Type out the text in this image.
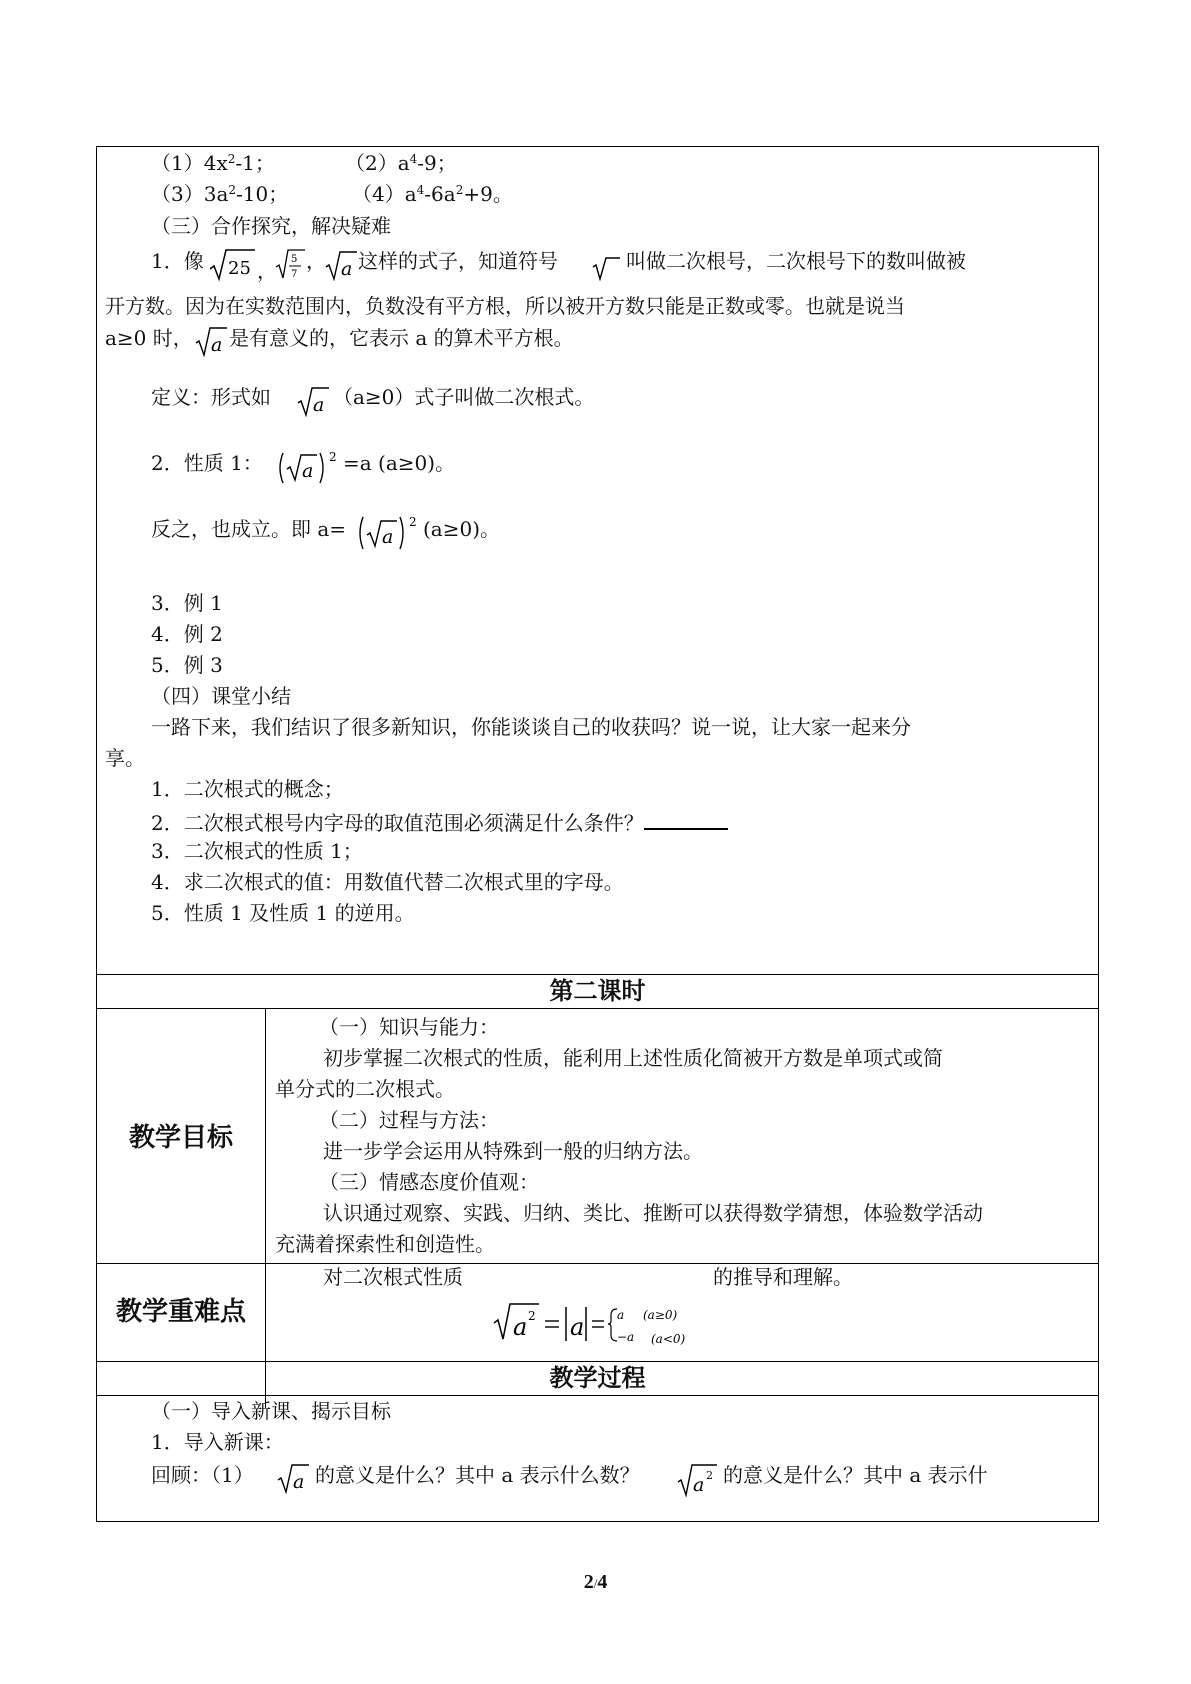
$(1)4x^2-1$；	$(2)a^4-9$；
$(3)3a^2-10$；	$(4)a^4-6a^2+9$。
（三）合作探究，解决疑难
1．像 25 ， 5
7
， a 这样的式子，知道符号	叫做二次根号，二次根号下的数叫做被
开方数。因为在实数范围内，负数没有平方根，所以被开方数只能是正数或零。也就是说当
a≥0 时， a 是有意义的，它表示 a 的算术平方根。
定义：形式如 a （a≥0）式子叫做二次根式。
2．性质 1： a
2 =a (a≥0)。
反之，也成立。即 a= a
2 (a≥0)。
3．例 1
4．例 2
5．例 3
（四）课堂小结
一路下来，我们结识了很多新知识，你能谈谈自己的收获吗？说一说，让大家一起来分
享。
1．二次根式的概念；
2．二次根式根号内字母的取值范围必须满足什么条件？
3．二次根式的性质 1；
4．求二次根式的值：用数值代替二次根式里的字母。
5．性质 1 及性质 1 的逆用。
第二课时
教学目标
（一）知识与能力：
初步掌握二次根式的性质，能利用上述性质化简被开方数是单项式或简
单分式的二次根式。
（二）过程与方法：
进一步学会运用从特殊到一般的归纳方法。
（三）情感态度价值观：
认识通过观察、实践、归纳、类比、推断可以获得数学猜想，体验数学活动
充满着探索性和创造性。
教学重难点
对二次根式性质	的推导和理解。
a 2 a	a (a≥0)
−a (a<0)
教学过程
（一）导入新课、揭示目标
1．导入新课：
回顾：（1） a 的意义是什么？其中 a 表示什么数？	a 2 的意义是什么？其中 a 表示什
2/4
